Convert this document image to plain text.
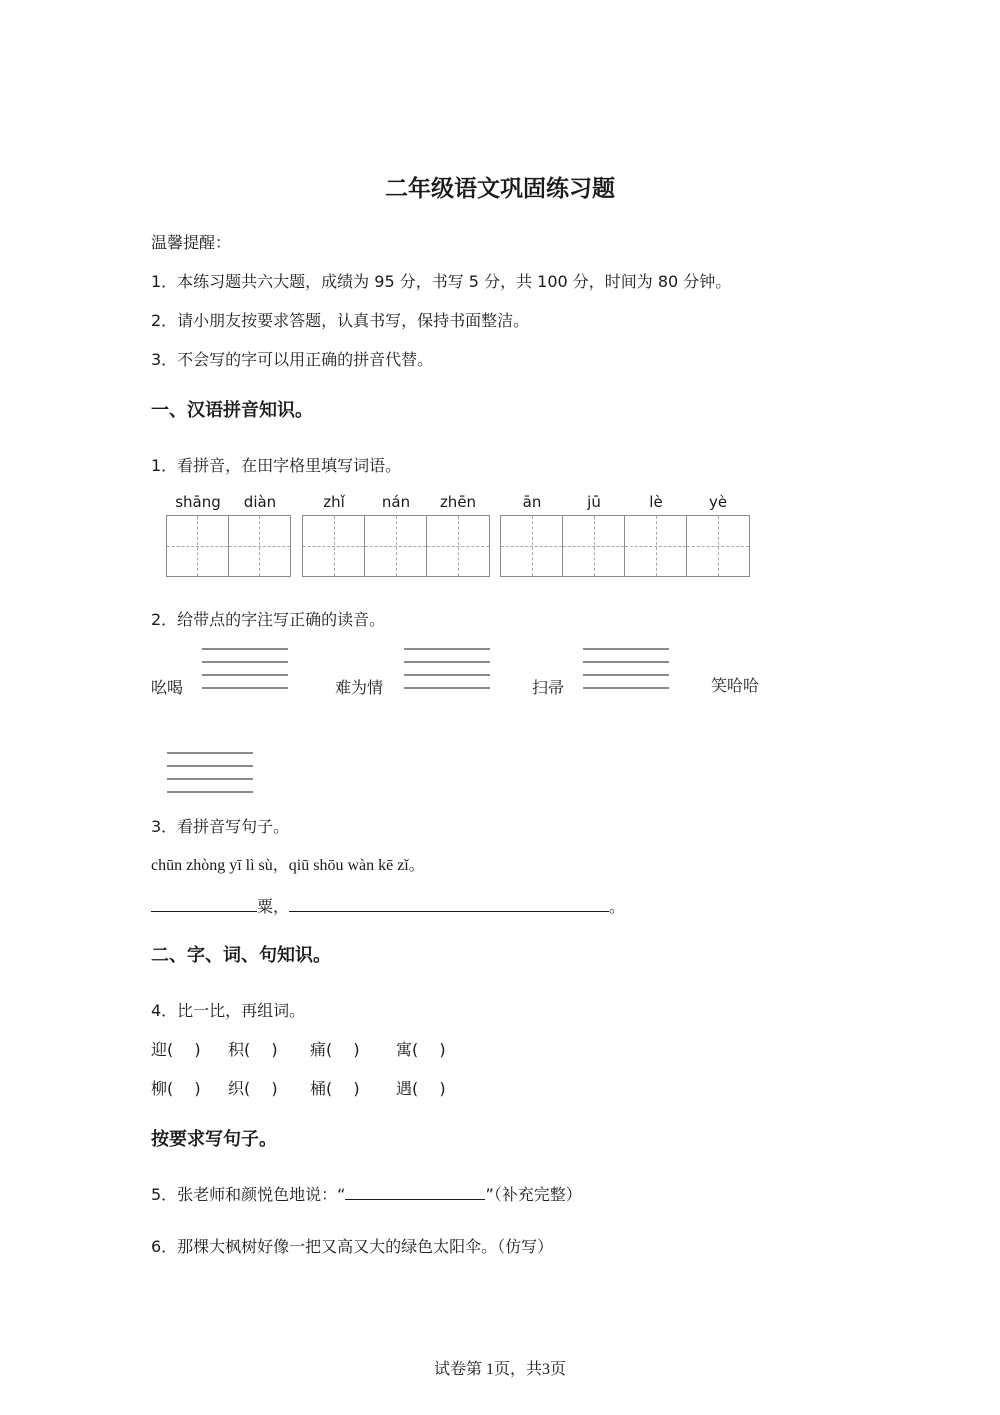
二年级语文巩固练习题
温馨提醒：
1．本练习题共六大题，成绩为 95 分，书写 5 分，共 100 分，时间为 80 分钟。
2．请小朋友按要求答题，认真书写，保持书面整洁。
3．不会写的字可以用正确的拼音代替。
一、汉语拼音知识。
1．看拼音，在田字格里填写词语。
shāng	diàn	zhǐ	nán	zhēn	ān	jū	lè	yè
2．给带点的字注写正确的读音。
吆喝	难为情	扫帚	笑哈哈
3．看拼音写句子。
chūn zhòng yī lì sù，qiū shōu wàn kē zǐ。
粟，	。
二、字、词、句知识。
4．比一比，再组词。
迎(　 ) 积(　 ) 痛(　 ) 寓(　 )
柳(　 ) 织(　 ) 桶(　 ) 遇(　 )
按要求写句子。
5．张老师和颜悦色地说：“	”（补充完整）
6．那棵大枫树好像一把又高又大的绿色太阳伞。（仿写）
试卷第 1页，共3页
